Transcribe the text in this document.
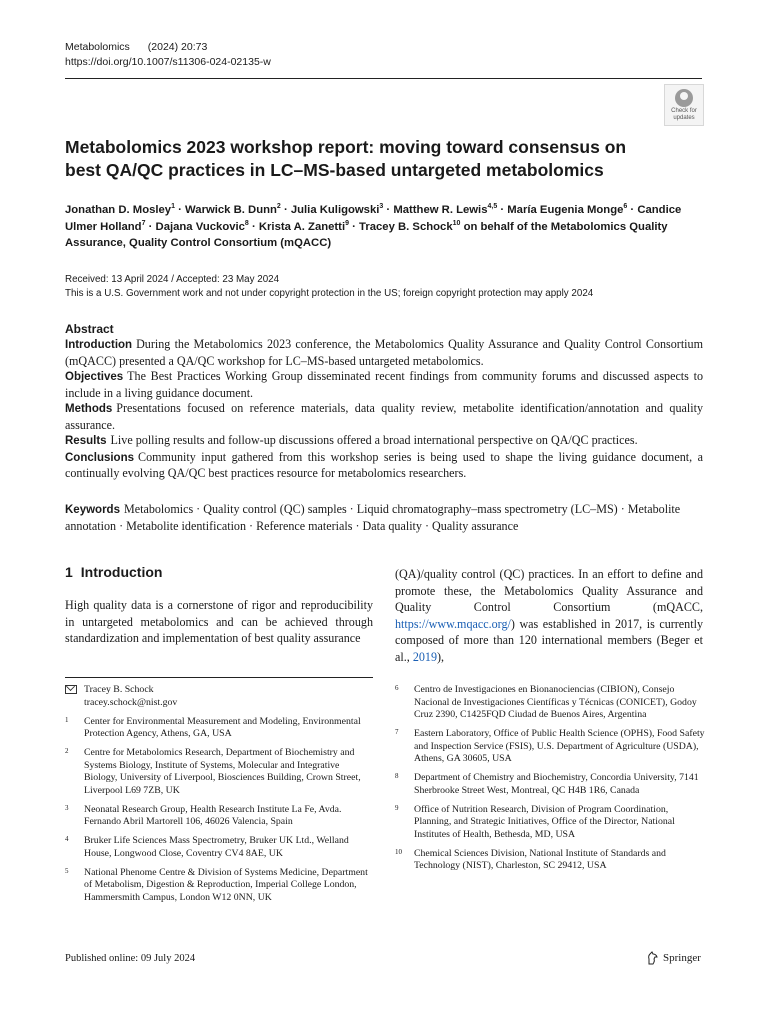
Metabolomics (2024) 20:73
https://doi.org/10.1007/s11306-024-02135-w
Check for
updates
Metabolomics 2023 workshop report: moving toward consensus on best QA/QC practices in LC–MS-based untargeted metabolomics
Jonathan D. Mosley$^1$ · Warwick B. Dunn$^2$ · Julia Kuligowski$^3$ · Matthew R. Lewis$^{4,5}$ · María Eugenia Monge$^6$ · Candice Ulmer Holland$^7$ · Dajana Vuckovic$^8$ · Krista A. Zanetti$^9$ · Tracey B. Schock$^{10}$ on behalf of the Metabolomics Quality Assurance, Quality Control Consortium (mQACC)
Received: 13 April 2024 / Accepted: 23 May 2024
This is a U.S. Government work and not under copyright protection in the US; foreign copyright protection may apply 2024
Abstract
Introduction During the Metabolomics 2023 conference, the Metabolomics Quality Assurance and Quality Control Consortium (mQACC) presented a QA/QC workshop for LC–MS-based untargeted metabolomics.
Objectives The Best Practices Working Group disseminated recent findings from community forums and discussed aspects to include in a living guidance document.
Methods Presentations focused on reference materials, data quality review, metabolite identification/annotation and quality assurance.
Results Live polling results and follow-up discussions offered a broad international perspective on QA/QC practices.
Conclusions Community input gathered from this workshop series is being used to shape the living guidance document, a continually evolving QA/QC best practices resource for metabolomics researchers.
Keywords Metabolomics · Quality control (QC) samples · Liquid chromatography–mass spectrometry (LC–MS) · Metabolite annotation · Metabolite identification · Reference materials · Data quality · Quality assurance
1 Introduction
High quality data is a cornerstone of rigor and reproducibility in untargeted metabolomics and can be achieved through standardization and implementation of best quality assurance
(QA)/quality control (QC) practices. In an effort to define and promote these, the Metabolomics Quality Assurance and Quality Control Consortium (mQACC, https://www.mqacc.org/) was established in 2017, is currently composed of more than 120 international members (Beger et al., 2019),
Tracey B. Schock
tracey.schock@nist.gov
1 Center for Environmental Measurement and Modeling, Environmental Protection Agency, Athens, GA, USA
2 Centre for Metabolomics Research, Department of Biochemistry and Systems Biology, Institute of Systems, Molecular and Integrative Biology, University of Liverpool, Biosciences Building, Crown Street, Liverpool L69 7ZB, UK
3 Neonatal Research Group, Health Research Institute La Fe, Avda. Fernando Abril Martorell 106, 46026 Valencia, Spain
4 Bruker Life Sciences Mass Spectrometry, Bruker UK Ltd., Welland House, Longwood Close, Coventry CV4 8AE, UK
5 National Phenome Centre & Division of Systems Medicine, Department of Metabolism, Digestion & Reproduction, Imperial College London, Hammersmith Campus, London W12 0NN, UK
6 Centro de Investigaciones en Bionanociencias (CIBION), Consejo Nacional de Investigaciones Científicas y Técnicas (CONICET), Godoy Cruz 2390, C1425FQD Ciudad de Buenos Aires, Argentina
7 Eastern Laboratory, Office of Public Health Science (OPHS), Food Safety and Inspection Service (FSIS), U.S. Department of Agriculture (USDA), Athens, GA 30605, USA
8 Department of Chemistry and Biochemistry, Concordia University, 7141 Sherbrooke Street West, Montreal, QC H4B 1R6, Canada
9 Office of Nutrition Research, Division of Program Coordination, Planning, and Strategic Initiatives, Office of the Director, National Institutes of Health, Bethesda, MD, USA
10 Chemical Sciences Division, National Institute of Standards and Technology (NIST), Charleston, SC 29412, USA
Published online: 09 July 2024	Springer
